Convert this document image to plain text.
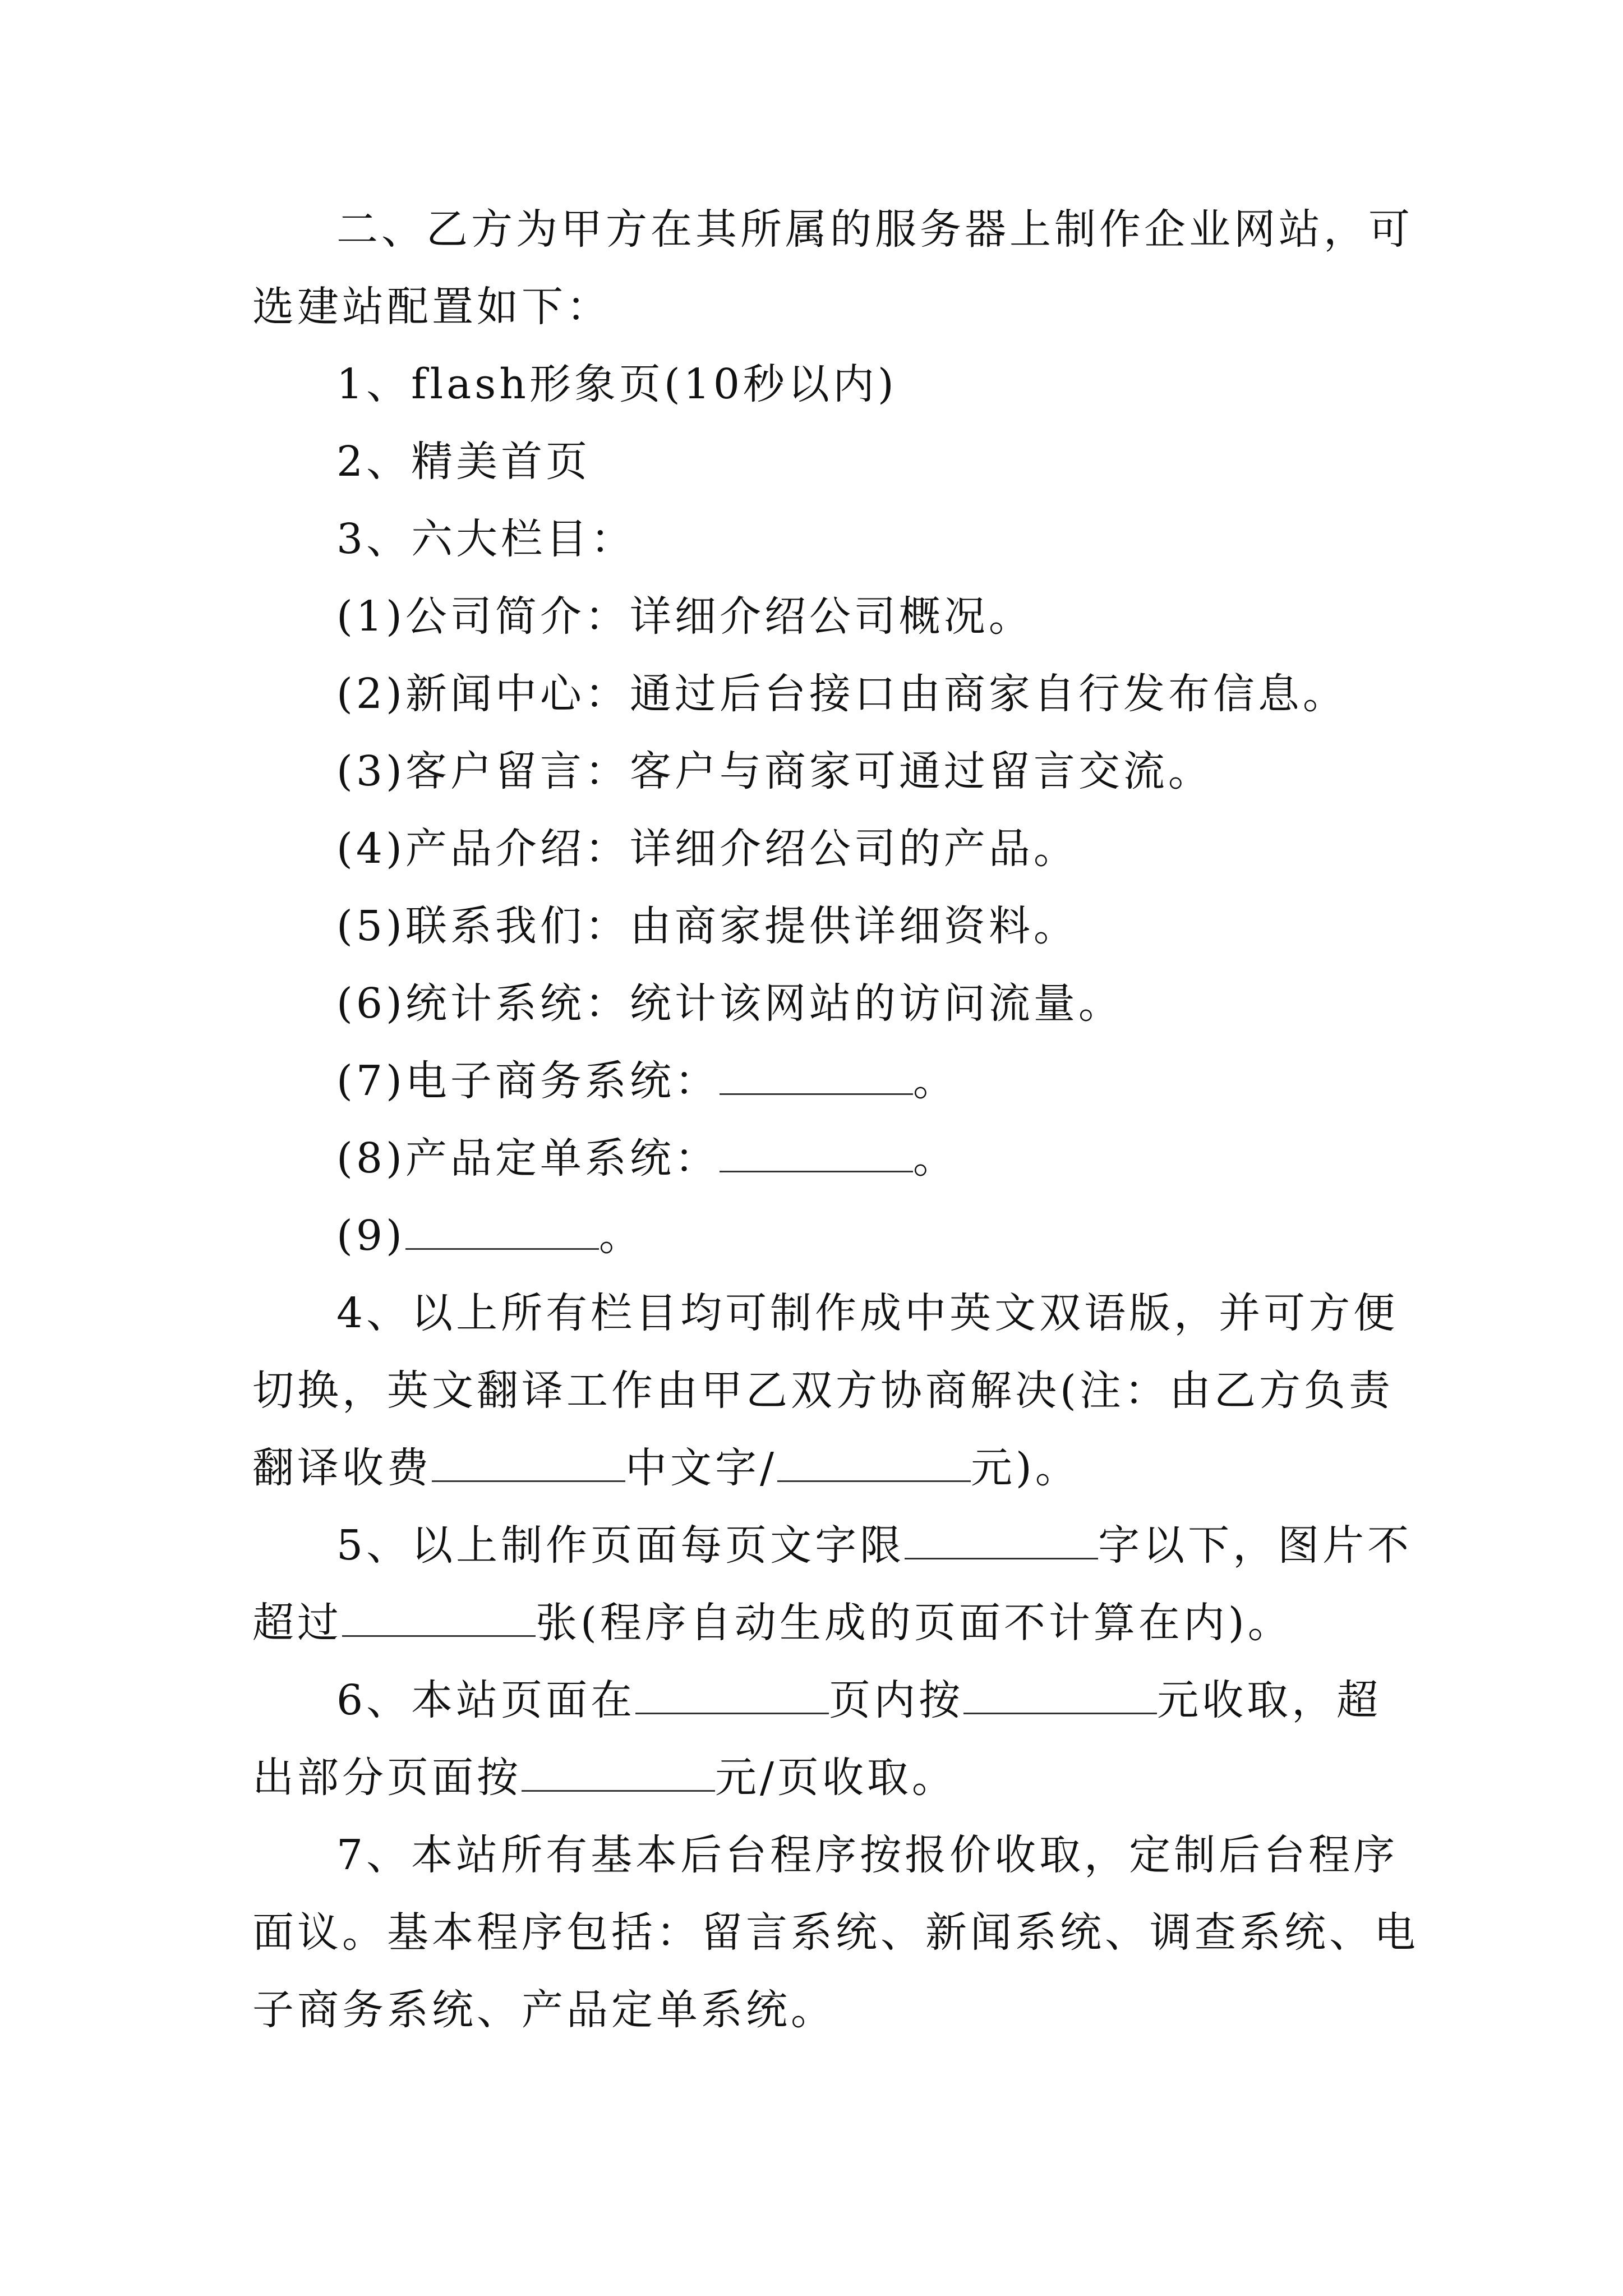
二、乙方为甲方在其所属的服务器上制作企业网站，可
选建站配置如下：
1、flash形象页(10秒以内)
2、精美首页
3、六大栏目：
(1)公司简介：详细介绍公司概况。
(2)新闻中心：通过后台接口由商家自行发布信息。
(3)客户留言：客户与商家可通过留言交流。
(4)产品介绍：详细介绍公司的产品。
(5)联系我们：由商家提供详细资料。
(6)统计系统：统计该网站的访问流量。
(7)电子商务系统：	。
(8)产品定单系统：	。
(9)	。
4、以上所有栏目均可制作成中英文双语版，并可方便
切换，英文翻译工作由甲乙双方协商解决(注：由乙方负责
翻译收费	中文字/	元)。
5、以上制作页面每页文字限	字以下，图片不
超过	张(程序自动生成的页面不计算在内)。
6、本站页面在	页内按	元收取，超
出部分页面按	元/页收取。
7、本站所有基本后台程序按报价收取，定制后台程序
面议。基本程序包括：留言系统、新闻系统、调查系统、电
子商务系统、产品定单系统。
